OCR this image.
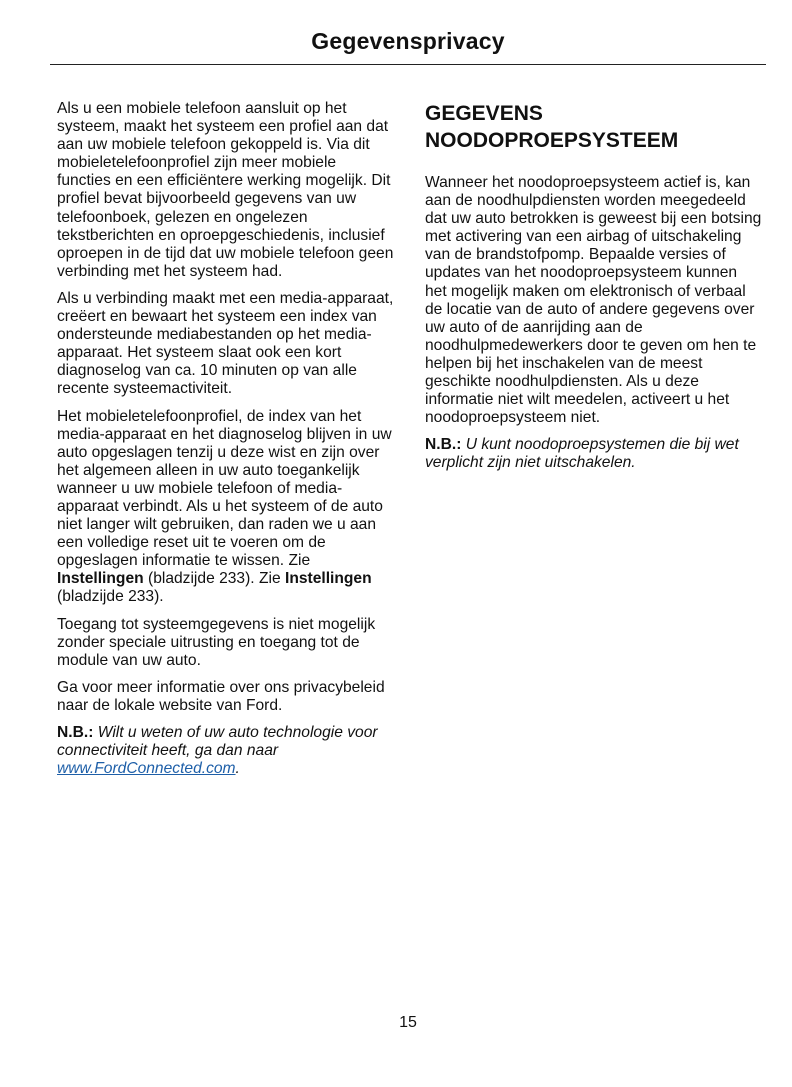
Gegevensprivacy

Als u een mobiele telefoon aansluit op het systeem, maakt het systeem een profiel aan dat aan uw mobiele telefoon gekoppeld is. Via dit mobieletelefoonprofiel zijn meer mobiele functies en een efficiëntere werking mogelijk. Dit profiel bevat bijvoorbeeld gegevens van uw telefoonboek, gelezen en ongelezen tekstberichten en oproepgeschiedenis, inclusief oproepen in de tijd dat uw mobiele telefoon geen verbinding met het systeem had.

Als u verbinding maakt met een media-apparaat, creëert en bewaart het systeem een index van ondersteunde mediabestanden op het media-apparaat. Het systeem slaat ook een kort diagnoselog van ca. 10 minuten op van alle recente systeemactiviteit.

Het mobieletelefoonprofiel, de index van het media-apparaat en het diagnoselog blijven in uw auto opgeslagen tenzij u deze wist en zijn over het algemeen alleen in uw auto toegankelijk wanneer u uw mobiele telefoon of media-apparaat verbindt. Als u het systeem of de auto niet langer wilt gebruiken, dan raden we u aan een volledige reset uit te voeren om de opgeslagen informatie te wissen. Zie Instellingen (bladzijde 233). Zie Instellingen (bladzijde 233).

Toegang tot systeemgegevens is niet mogelijk zonder speciale uitrusting en toegang tot de module van uw auto.

Ga voor meer informatie over ons privacybeleid naar de lokale website van Ford.

N.B.: Wilt u weten of uw auto technologie voor connectiviteit heeft, ga dan naar www.FordConnected.com.

GEGEVENS NOODOPROEPSYSTEEM

Wanneer het noodoproepsysteem actief is, kan aan de noodhulpdiensten worden meegedeeld dat uw auto betrokken is geweest bij een botsing met activering van een airbag of uitschakeling van de brandstofpomp. Bepaalde versies of updates van het noodoproepsysteem kunnen het mogelijk maken om elektronisch of verbaal de locatie van de auto of andere gegevens over uw auto of de aanrijding aan de noodhulpmedewerkers door te geven om hen te helpen bij het inschakelen van de meest geschikte noodhulpdiensten. Als u deze informatie niet wilt meedelen, activeert u het noodoproepsysteem niet.

N.B.: U kunt noodoproepsystemen die bij wet verplicht zijn niet uitschakelen.

15
